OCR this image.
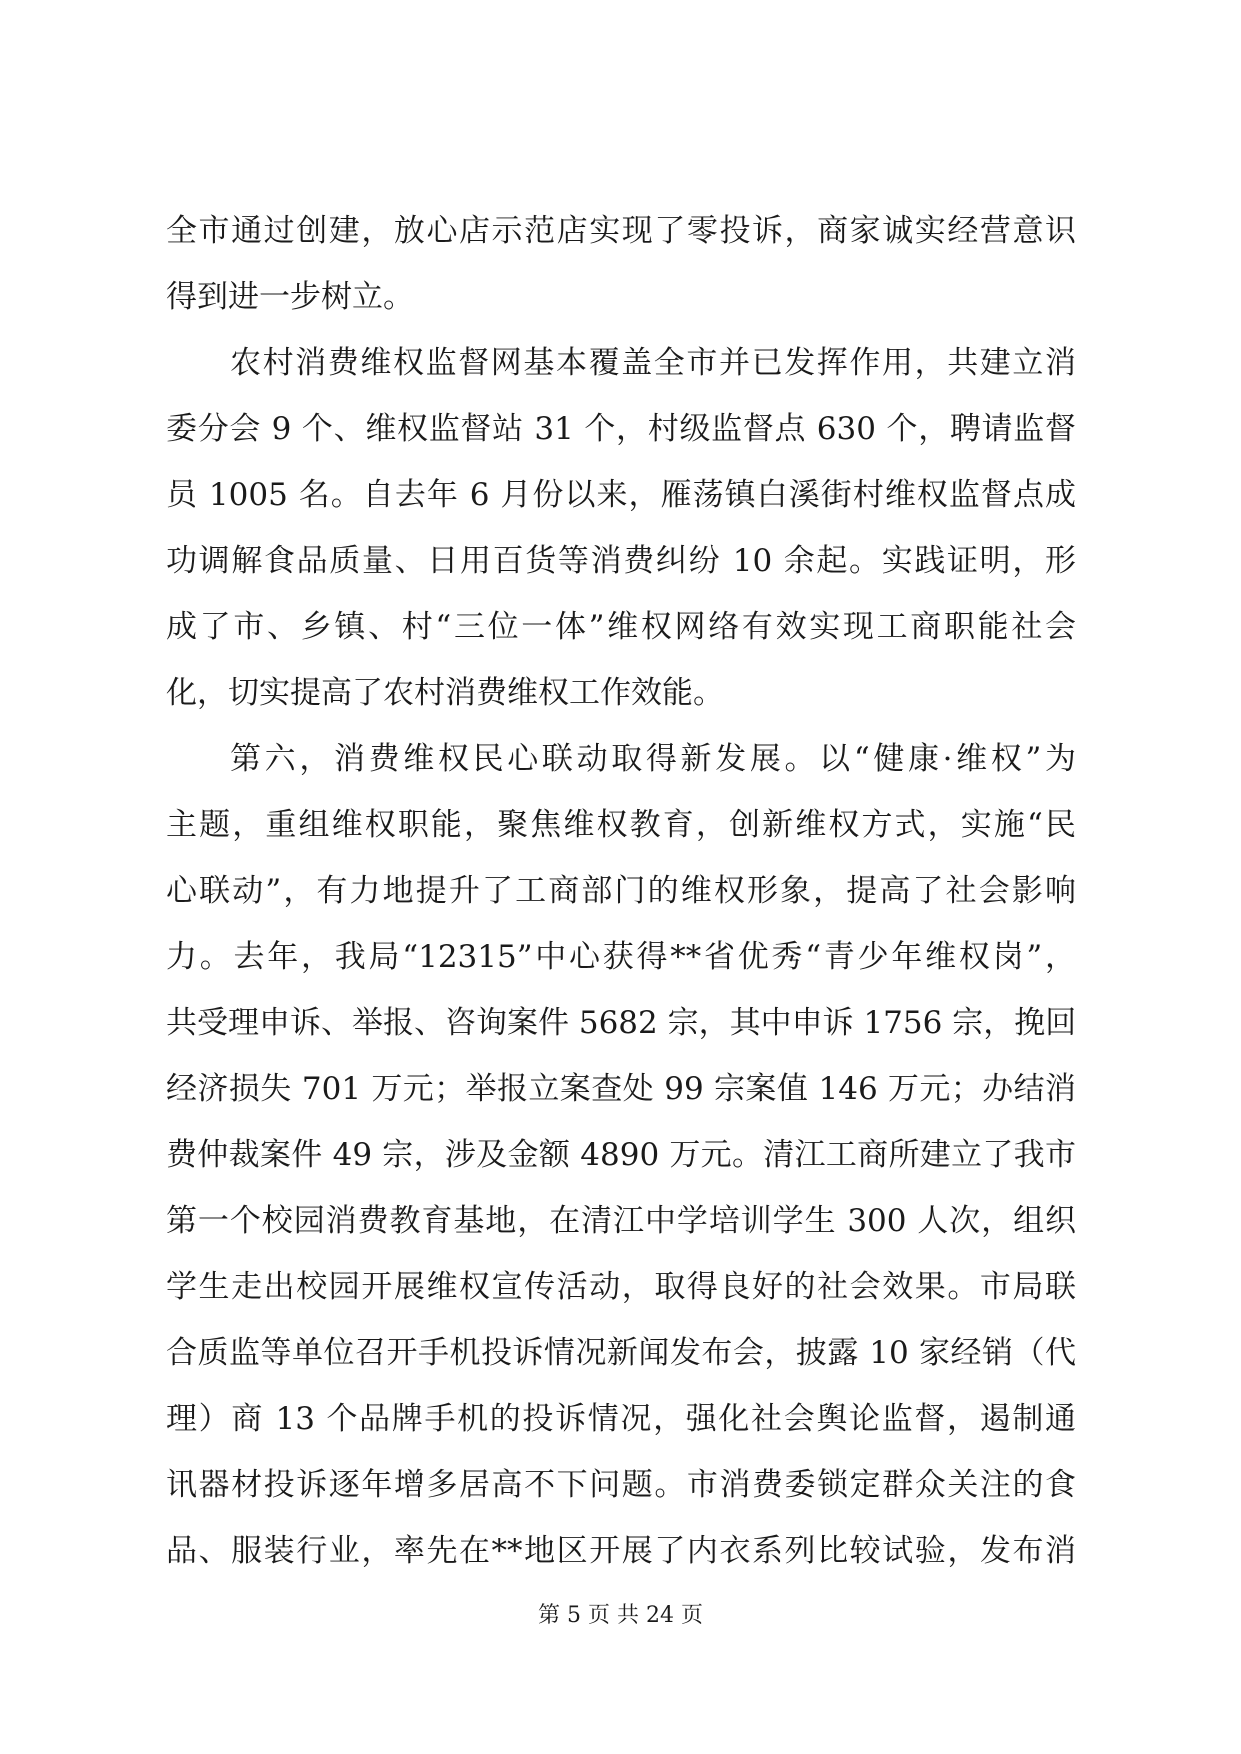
全市通过创建，放心店示范店实现了零投诉，商家诚实经营意识
得到进一步树立。
农村消费维权监督网基本覆盖全市并已发挥作用，共建立消
委分会 9 个、维权监督站 31 个，村级监督点 630 个，聘请监督
员 1005 名。自去年 6 月份以来，雁荡镇白溪街村维权监督点成
功调解食品质量、日用百货等消费纠纷 10 余起。实践证明，形
成了市、乡镇、村“三位一体”维权网络有效实现工商职能社会
化，切实提高了农村消费维权工作效能。
第六，消费维权民心联动取得新发展。以“健康·维权”为
主题，重组维权职能，聚焦维权教育，创新维权方式，实施“民
心联动”，有力地提升了工商部门的维权形象，提高了社会影响
力。去年，我局“12315”中心获得**省优秀“青少年维权岗”，
共受理申诉、举报、咨询案件 5682 宗，其中申诉 1756 宗，挽回
经济损失 701 万元；举报立案查处 99 宗案值 146 万元；办结消
费仲裁案件 49 宗，涉及金额 4890 万元。清江工商所建立了我市
第一个校园消费教育基地，在清江中学培训学生 300 人次，组织
学生走出校园开展维权宣传活动，取得良好的社会效果。市局联
合质监等单位召开手机投诉情况新闻发布会，披露 10 家经销（代
理）商 13 个品牌手机的投诉情况，强化社会舆论监督，遏制通
讯器材投诉逐年增多居高不下问题。市消费委锁定群众关注的食
品、服装行业，率先在**地区开展了内衣系列比较试验，发布消
第 5 页 共 24 页
